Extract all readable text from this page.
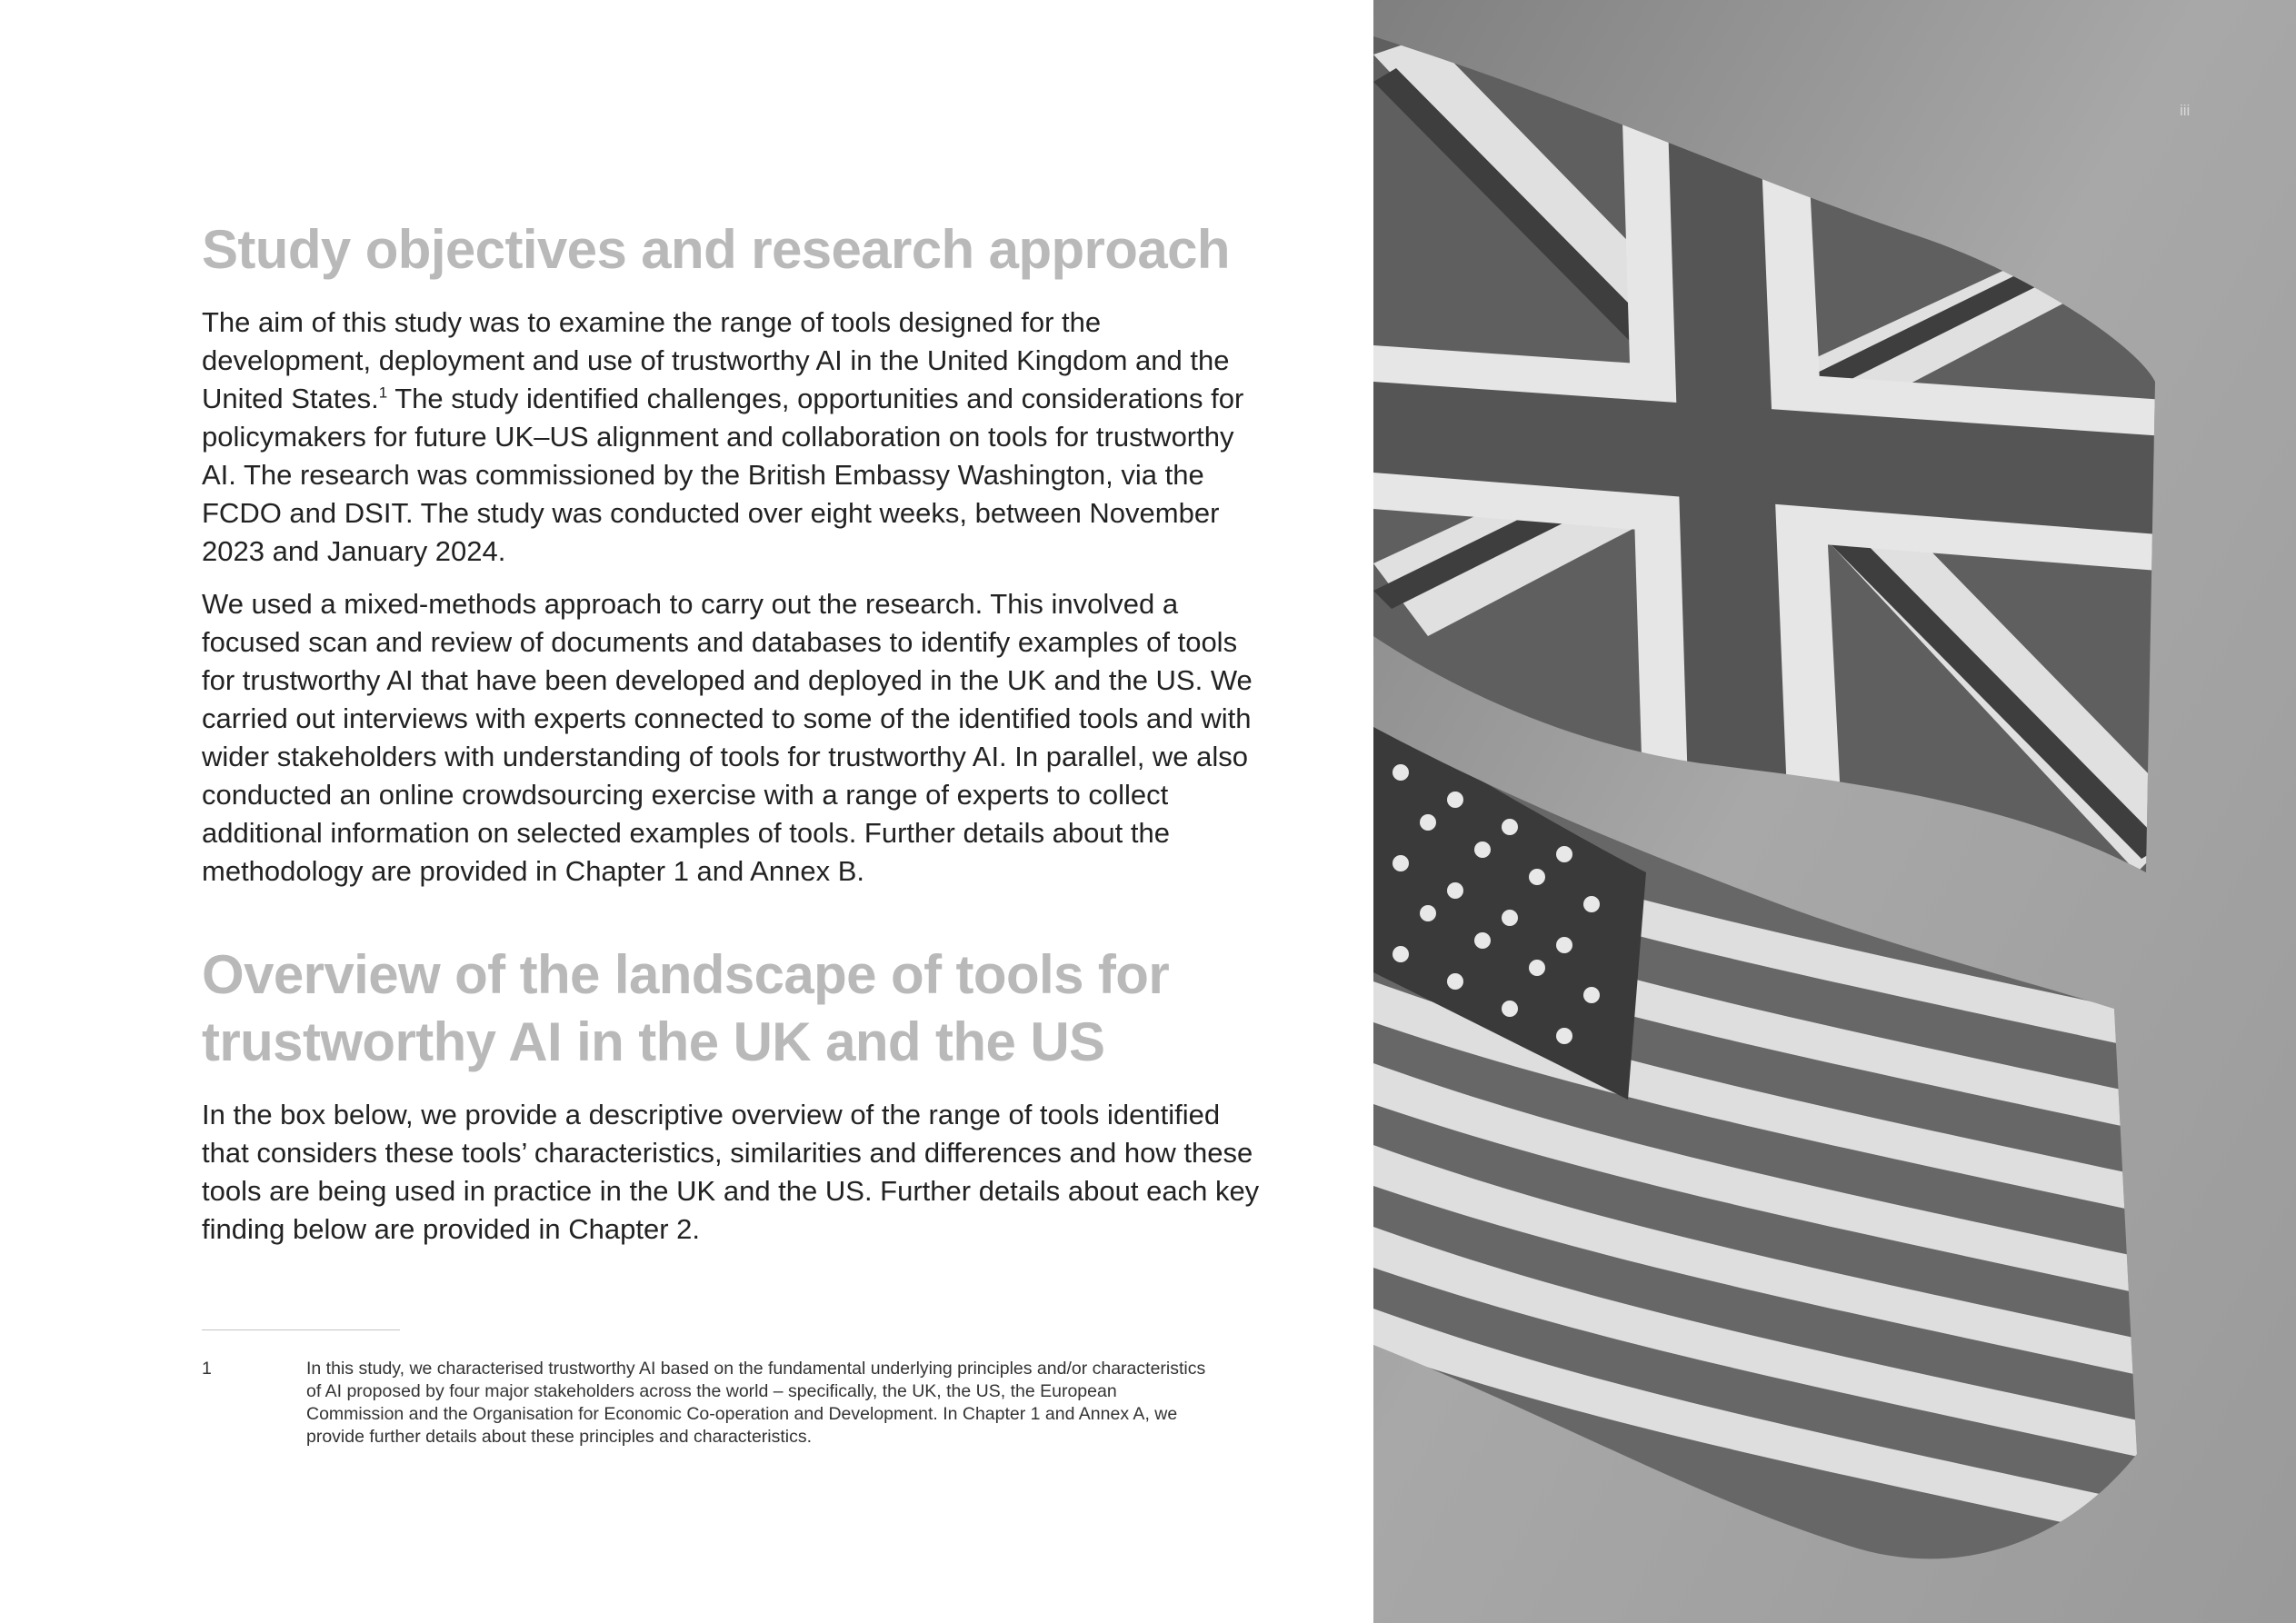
Study objectives and research approach

The aim of this study was to examine the range of tools designed for the development, deployment and use of trustworthy AI in the United Kingdom and the United States.$^1$ The study identified challenges, opportunities and considerations for policymakers for future UK–US alignment and collaboration on tools for trustworthy AI. The research was commissioned by the British Embassy Washington, via the FCDO and DSIT. The study was conducted over eight weeks, between November 2023 and January 2024.

We used a mixed-methods approach to carry out the research. This involved a focused scan and review of documents and databases to identify examples of tools for trustworthy AI that have been developed and deployed in the UK and the US. We carried out interviews with experts connected to some of the identified tools and with wider stakeholders with understanding of tools for trustworthy AI. In parallel, we also conducted an online crowdsourcing exercise with a range of experts to collect additional information on selected examples of tools. Further details about the methodology are provided in Chapter 1 and Annex B.

Overview of the landscape of tools for
trustworthy AI in the UK and the US

In the box below, we provide a descriptive overview of the range of tools identified that considers these tools’ characteristics, similarities and differences and how these tools are being used in practice in the UK and the US. Further details about each key finding below are provided in Chapter 2.

1	In this study, we characterised trustworthy AI based on the fundamental underlying principles and/or characteristics of AI proposed by four major stakeholders across the world – specifically, the UK, the US, the European Commission and the Organisation for Economic Co-operation and Development. In Chapter 1 and Annex A, we provide further details about these principles and characteristics.
iii
